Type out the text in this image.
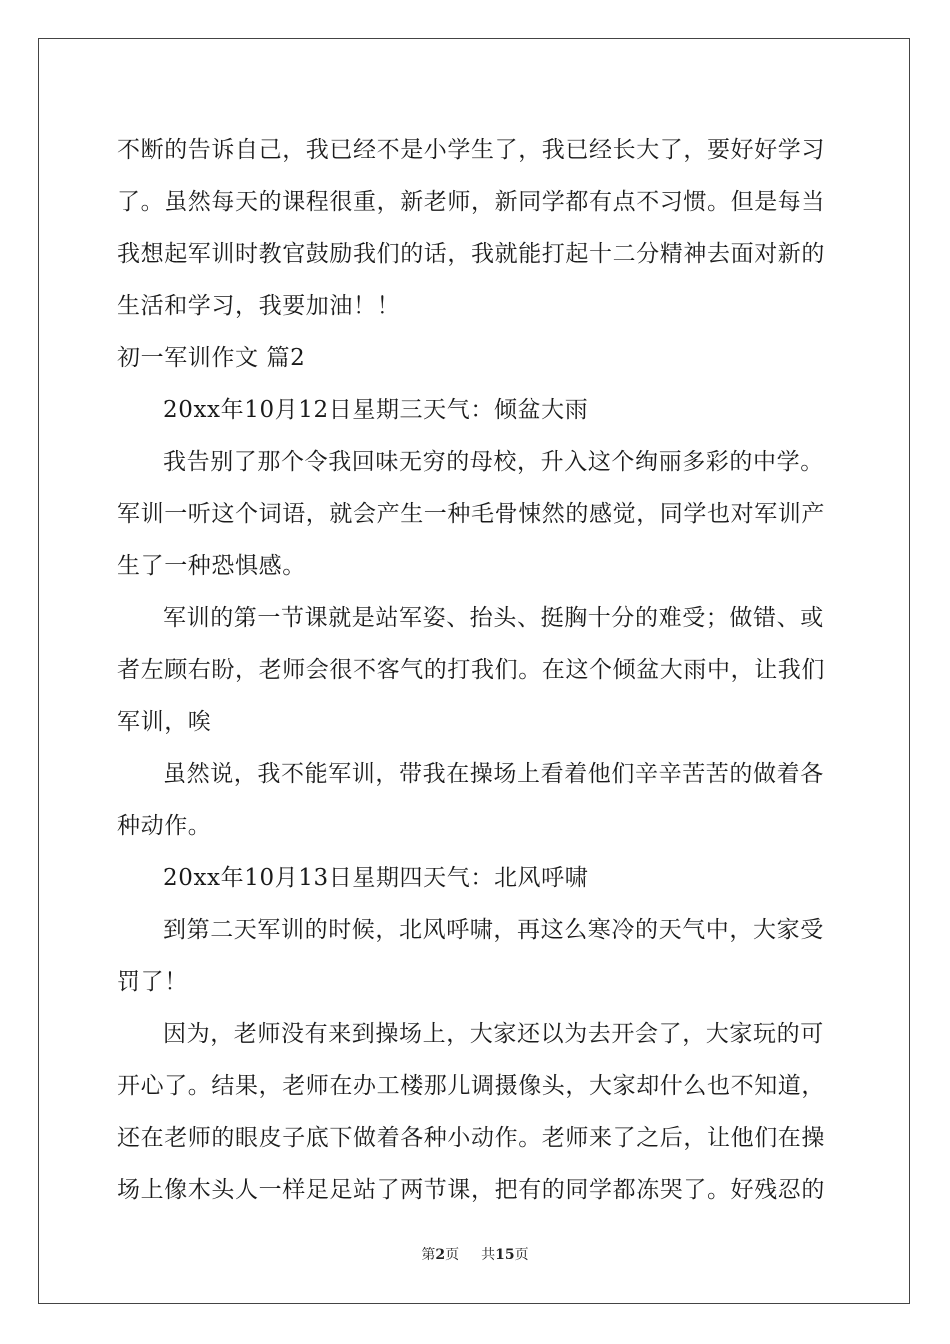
不断的告诉自己，我已经不是小学生了，我已经长大了，要好好学习
了。虽然每天的课程很重，新老师，新同学都有点不习惯。但是每当
我想起军训时教官鼓励我们的话，我就能打起十二分精神去面对新的
生活和学习，我要加油！！
初一军训作文 篇2
20xx年10月12日星期三天气：倾盆大雨
我告别了那个令我回味无穷的母校，升入这个绚丽多彩的中学。
军训一听这个词语，就会产生一种毛骨悚然的感觉，同学也对军训产
生了一种恐惧感。
军训的第一节课就是站军姿、抬头、挺胸十分的难受；做错、或
者左顾右盼，老师会很不客气的打我们。在这个倾盆大雨中，让我们
军训，唉
虽然说，我不能军训，带我在操场上看着他们辛辛苦苦的做着各
种动作。
20xx年10月13日星期四天气：北风呼啸
到第二天军训的时候，北风呼啸，再这么寒冷的天气中，大家受
罚了！
因为，老师没有来到操场上，大家还以为去开会了，大家玩的可
开心了。结果，老师在办工楼那儿调摄像头，大家却什么也不知道，
还在老师的眼皮子底下做着各种小动作。老师来了之后，让他们在操
场上像木头人一样足足站了两节课，把有的同学都冻哭了。好残忍的
第2页 共15页
